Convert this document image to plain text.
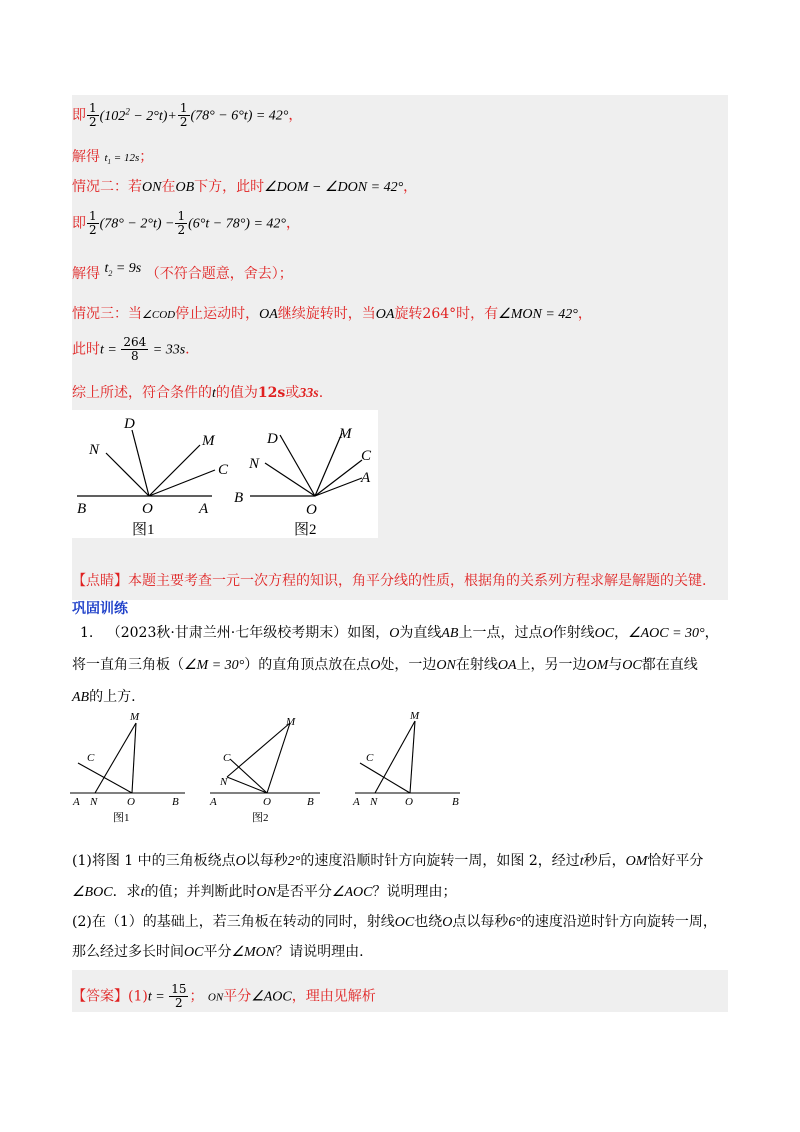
即 $\frac{1}{2} (102^2 - 2^\circ t)+ \frac{1}{2} (78^\circ - 6^\circ t) = 42^\circ$，
解得 $t_1 = 12s$；
情况二：若ON在OB下方，此时∠DOM − ∠DON = 42°，
即 $\frac{1}{2} (78^\circ - 2^\circ t) - \frac{1}{2} (6^\circ t - 78^\circ) = 42^\circ$，
解得 $t_2 = 9s$ （不符合题意，舍去）；
情况三：当∠COD停止运动时，OA继续旋转时，当OA旋转264°时，有∠MON = 42°，
此时$t = \frac{264}{8} = 33s$.
综上所述，符合条件的t的值为12s或33s.
D
N
M
C
B	O	A
D	M
N	C
A
B
O
图1	图2
【点睛】本题主要考查一元一次方程的知识，角平分线的性质，根据角的关系列方程求解是解题的关键.
巩固训练
1. （2023秋·甘肃兰州·七年级校考期末）如图，O为直线AB上一点，过点O作射线OC，∠AOC = 30°，
将一直角三角板（∠M = 30°）的直角顶点放在点O处，一边ON在射线OA上，另一边OM与OC都在直线
AB的上方.
M
C
A N	O	B
M
C
N
A	O	B
M
C
A N	O	B
图1	图2
(1)将图 1 中的三角板绕点O以每秒2°的速度沿顺时针方向旋转一周，如图 2，经过t秒后，OM恰好平分
∠BOC．求t的值；并判断此时ON是否平分∠AOC？说明理由；
(2)在（1）的基础上，若三角板在转动的同时，射线OC也绕O点以每秒6°的速度沿逆时针方向旋转一周，
那么经过多长时间OC平分∠MON？请说明理由.
【答案】$(1)t = \frac{15}{2}$ ； ON平分∠AOC，理由见解析
